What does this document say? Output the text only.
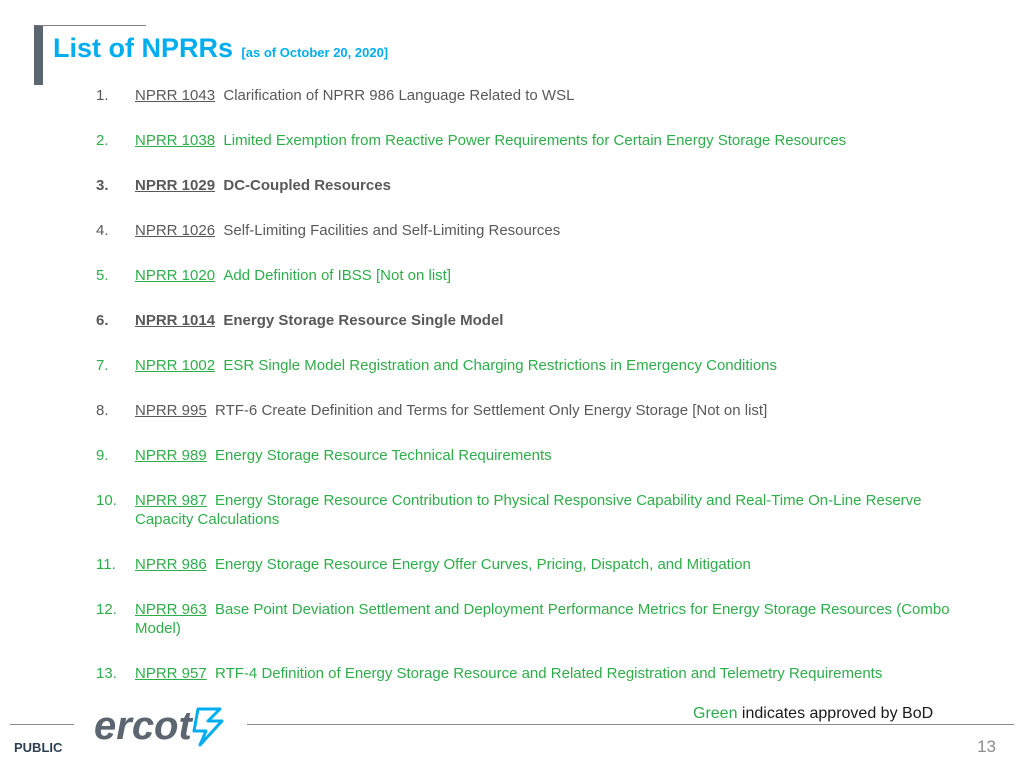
List of NPRRs [as of October 20, 2020]
1. NPRR 1043 Clarification of NPRR 986 Language Related to WSL
2. NPRR 1038 Limited Exemption from Reactive Power Requirements for Certain Energy Storage Resources
3. NPRR 1029 DC-Coupled Resources
4. NPRR 1026 Self-Limiting Facilities and Self-Limiting Resources
5. NPRR 1020 Add Definition of IBSS [Not on list]
6. NPRR 1014 Energy Storage Resource Single Model
7. NPRR 1002 ESR Single Model Registration and Charging Restrictions in Emergency Conditions
8. NPRR 995 RTF-6 Create Definition and Terms for Settlement Only Energy Storage [Not on list]
9. NPRR 989 Energy Storage Resource Technical Requirements
10. NPRR 987 Energy Storage Resource Contribution to Physical Responsive Capability and Real-Time On-Line Reserve Capacity Calculations
11. NPRR 986 Energy Storage Resource Energy Offer Curves, Pricing, Dispatch, and Mitigation
12. NPRR 963 Base Point Deviation Settlement and Deployment Performance Metrics for Energy Storage Resources (Combo Model)
13. NPRR 957 RTF-4 Definition of Energy Storage Resource and Related Registration and Telemetry Requirements
Green indicates approved by BoD
ercot
PUBLIC	13
